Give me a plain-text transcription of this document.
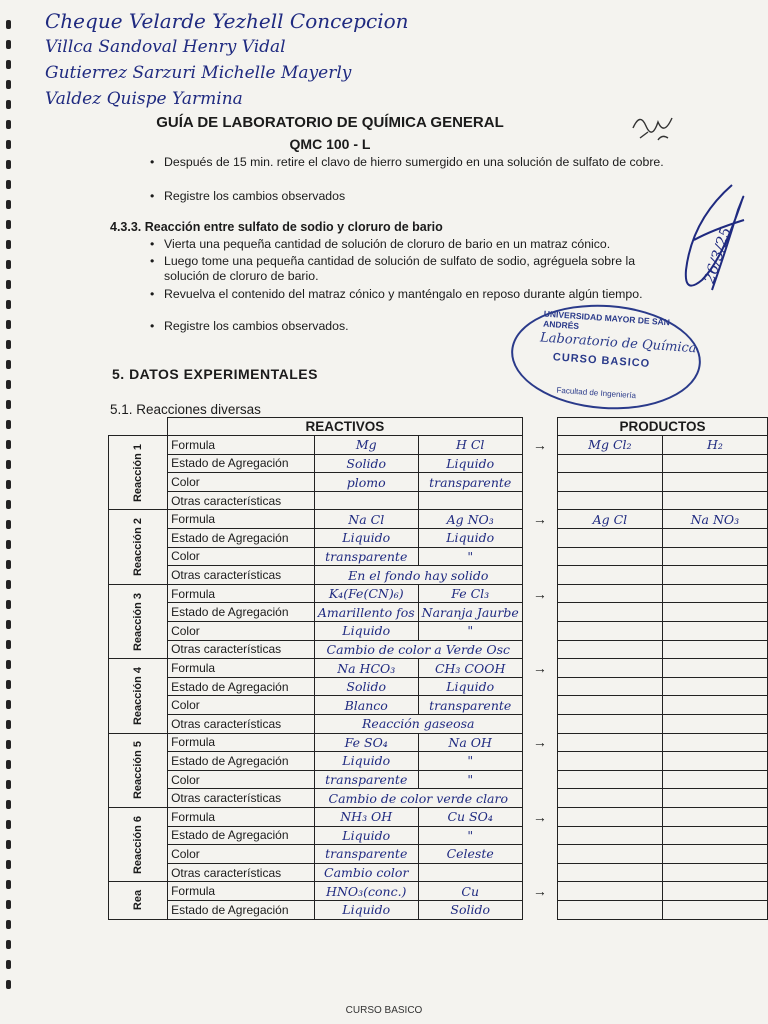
Cheque Velarde Yezhell Concepcion
Villca Sandoval Henry Vidal
Gutierrez Sarzuri Michelle Mayerly
Valdez Quispe Yarmina
GUÍA DE LABORATORIO DE QUÍMICA GENERAL
QMC 100 - L
• Después de 15 min. retire el clavo de hierro sumergido en una solución de sulfato de cobre.
• Registre los cambios observados
4.3.3. Reacción entre sulfato de sodio y cloruro de bario
• Vierta una pequeña cantidad de solución de cloruro de bario en un matraz cónico.
• Luego tome una pequeña cantidad de solución de sulfato de sodio, agréguela sobre la solución de cloruro de bario.
• Revuelva el contenido del matraz cónico y manténgalo en reposo durante algún tiempo.
• Registre los cambios observados.
5. DATOS EXPERIMENTALES
5.1. Reacciones diversas
UNIVERSIDAD MAYOR DE SAN ANDRÉS
Laboratorio de Química
CURSO BASICO
Facultad de Ingeniería
26/3/25
	REACTIVOS				PRODUCTOS	
Reacción 1	Formula	Mg	H Cl	→	Mg Cl₂	H₂
	Estado de Agregación	Solido	Liquido			
	Color	plomo	transparente			
	Otras características					
Reacción 2	Formula	Na Cl	Ag NO₃	→	Ag Cl	Na NO₃
	Estado de Agregación	Liquido	Liquido			
	Color	transparente	"			
	Otras características	En el fondo hay solido				
Reacción 3	Formula	K₄(Fe(CN)₆)	Fe Cl₃	→		
	Estado de Agregación	Amarillento fos	Naranja Jaurbe			
	Color	Liquido	"			
	Otras características	Cambio de color a Verde Osc				
Reacción 4	Formula	Na HCO₃	CH₃ COOH	→		
	Estado de Agregación	Solido	Liquido			
	Color	Blanco	transparente			
	Otras características	Reacción gaseosa				
Reacción 5	Formula	Fe SO₄	Na OH	→		
	Estado de Agregación	Liquido	"			
	Color	transparente	"			
	Otras características	Cambio de color verde claro				
Reacción 6	Formula	NH₃ OH	Cu SO₄	→		
	Estado de Agregación	Liquido	"			
	Color	transparente	Celeste			
	Otras características	Cambio color				
Rea	Formula	HNO₃(conc.)	Cu	→		
	Estado de Agregación	Liquido	Solido			
CURSO BASICO
